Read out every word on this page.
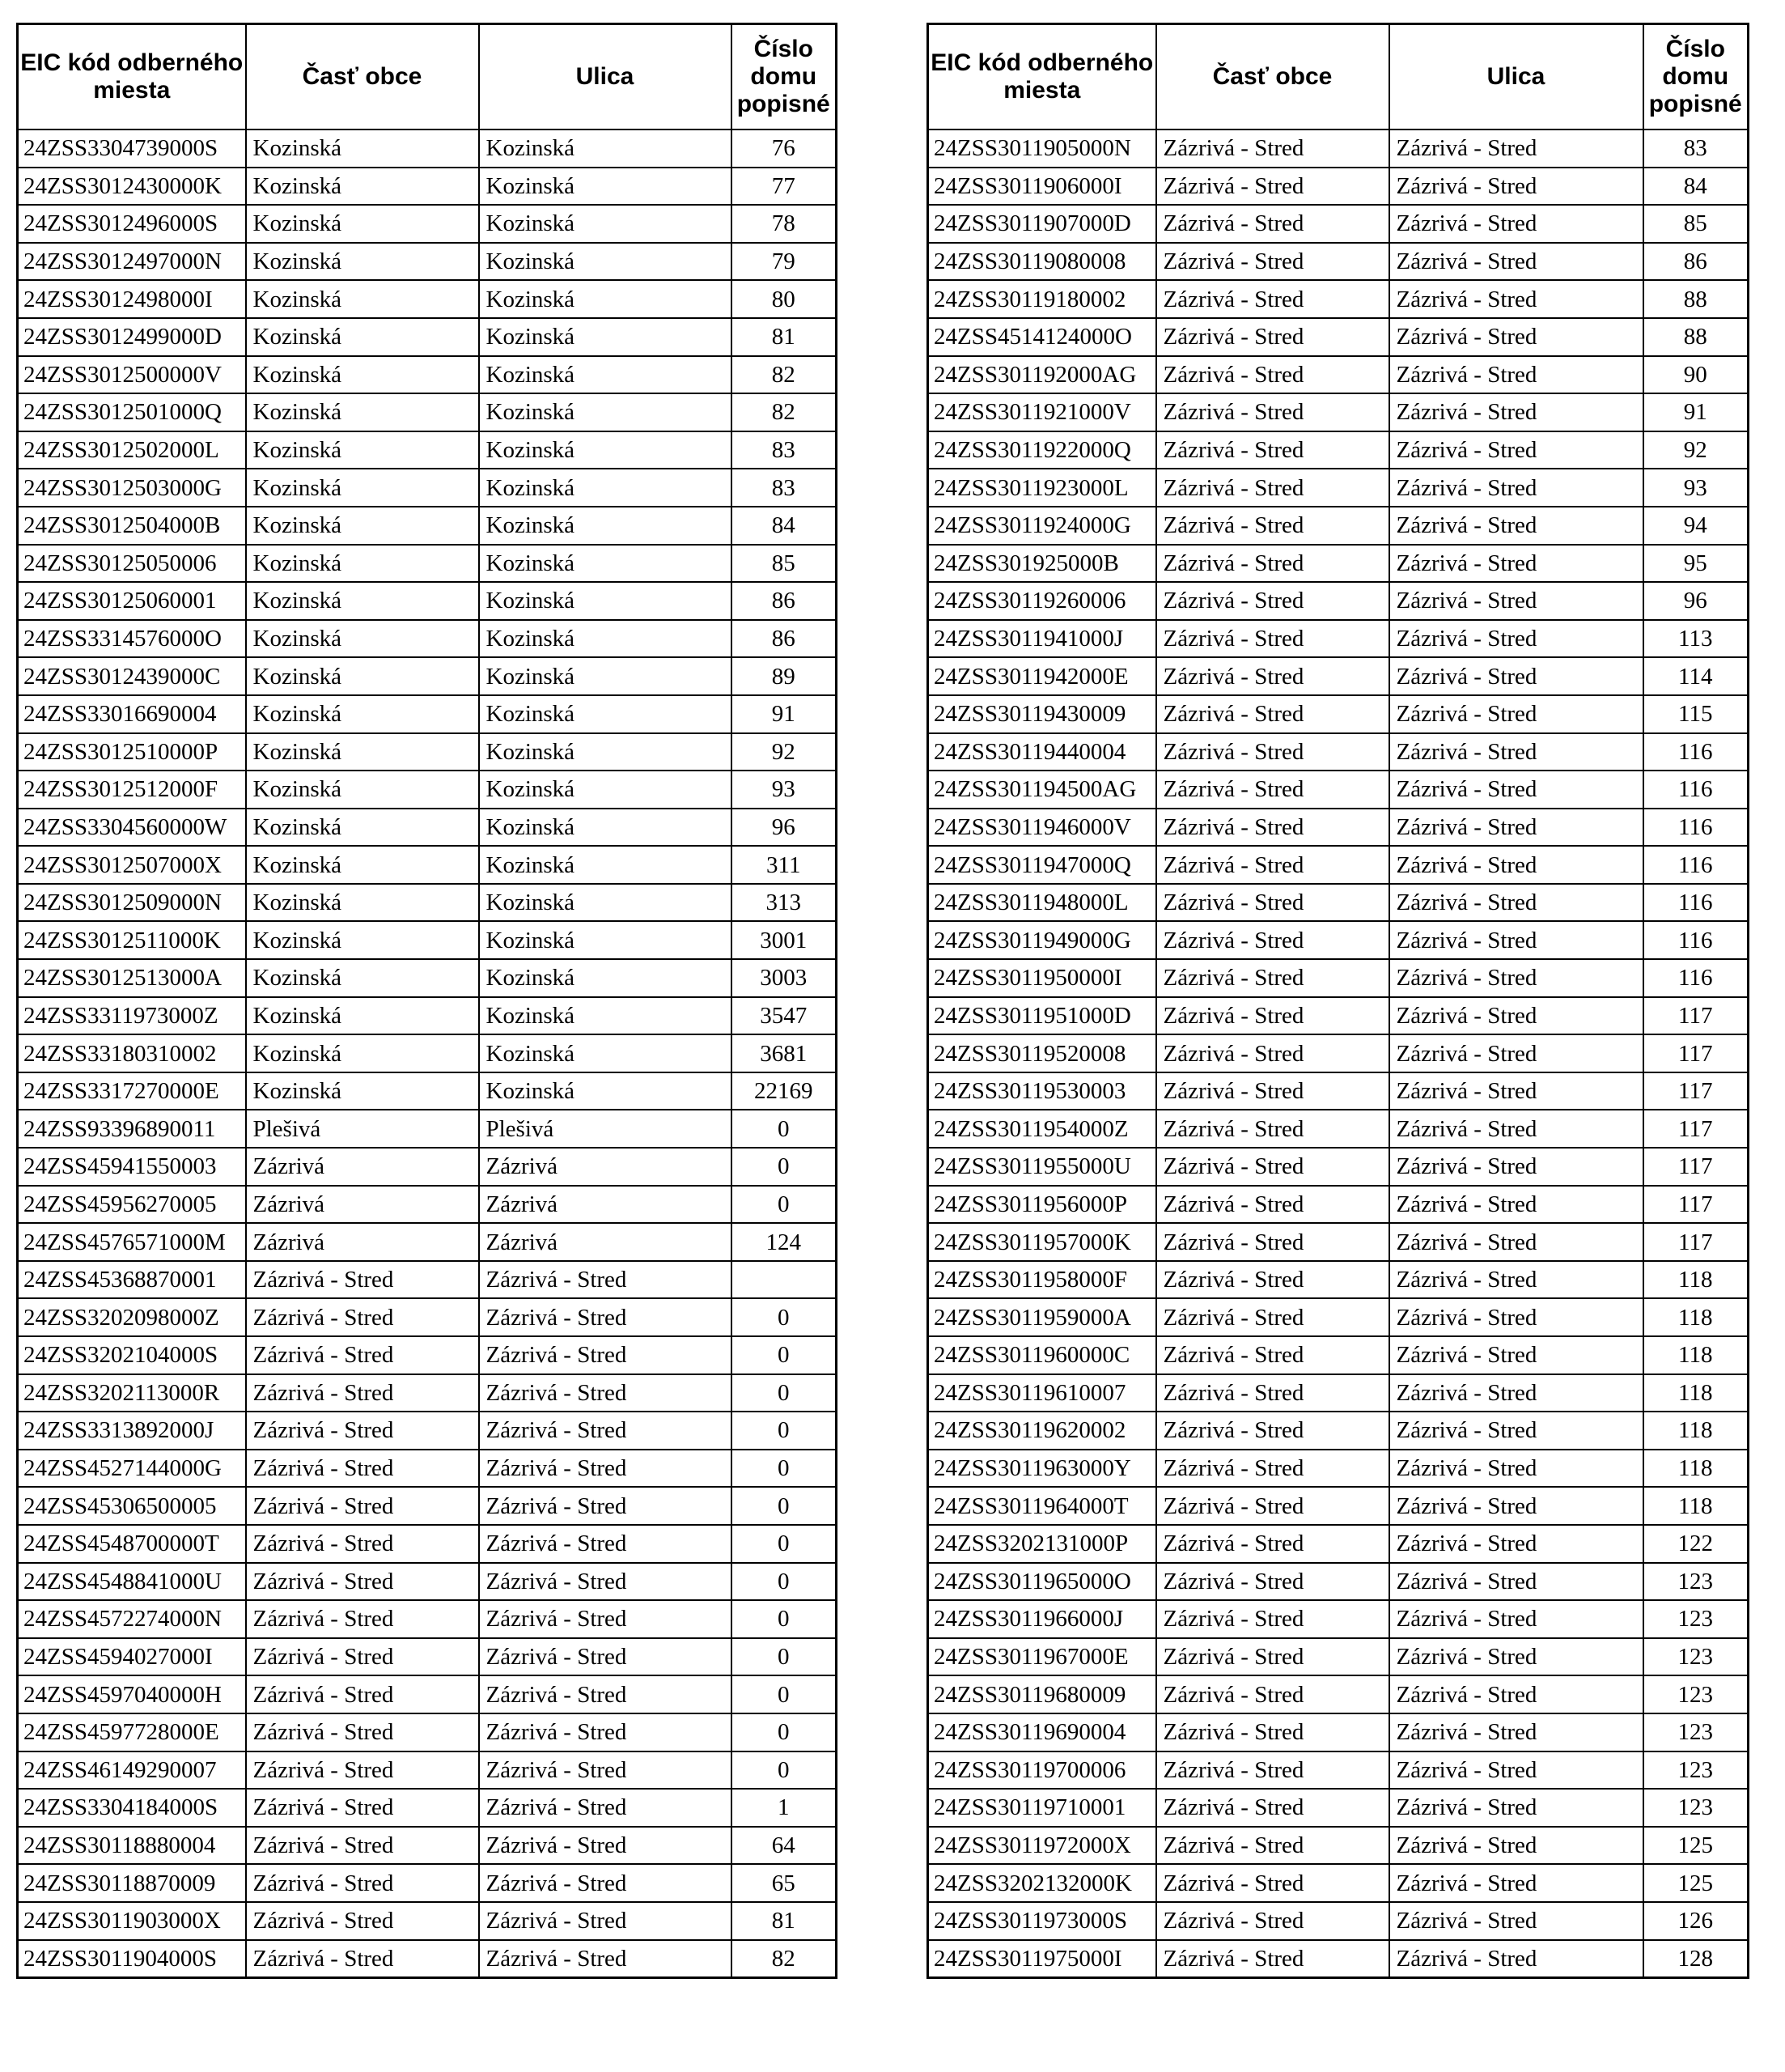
EIC kód odberného miesta	Časť obce	Ulica	Číslo domu popisné
24ZSS3304739000S	Kozinská	Kozinská	76
24ZSS3012430000K	Kozinská	Kozinská	77
24ZSS3012496000S	Kozinská	Kozinská	78
24ZSS3012497000N	Kozinská	Kozinská	79
24ZSS3012498000I	Kozinská	Kozinská	80
24ZSS3012499000D	Kozinská	Kozinská	81
24ZSS3012500000V	Kozinská	Kozinská	82
24ZSS3012501000Q	Kozinská	Kozinská	82
24ZSS3012502000L	Kozinská	Kozinská	83
24ZSS3012503000G	Kozinská	Kozinská	83
24ZSS3012504000B	Kozinská	Kozinská	84
24ZSS30125050006	Kozinská	Kozinská	85
24ZSS30125060001	Kozinská	Kozinská	86
24ZSS3314576000O	Kozinská	Kozinská	86
24ZSS3012439000C	Kozinská	Kozinská	89
24ZSS33016690004	Kozinská	Kozinská	91
24ZSS3012510000P	Kozinská	Kozinská	92
24ZSS3012512000F	Kozinská	Kozinská	93
24ZSS3304560000W	Kozinská	Kozinská	96
24ZSS3012507000X	Kozinská	Kozinská	311
24ZSS3012509000N	Kozinská	Kozinská	313
24ZSS3012511000K	Kozinská	Kozinská	3001
24ZSS3012513000A	Kozinská	Kozinská	3003
24ZSS3311973000Z	Kozinská	Kozinská	3547
24ZSS33180310002	Kozinská	Kozinská	3681
24ZSS3317270000E	Kozinská	Kozinská	22169
24ZSS93396890011	Plešivá	Plešivá	0
24ZSS45941550003	Zázrivá	Zázrivá	0
24ZSS45956270005	Zázrivá	Zázrivá	0
24ZSS4576571000M	Zázrivá	Zázrivá	124
24ZSS45368870001	Zázrivá - Stred	Zázrivá - Stred	
24ZSS3202098000Z	Zázrivá - Stred	Zázrivá - Stred	0
24ZSS3202104000S	Zázrivá - Stred	Zázrivá - Stred	0
24ZSS3202113000R	Zázrivá - Stred	Zázrivá - Stred	0
24ZSS3313892000J	Zázrivá - Stred	Zázrivá - Stred	0
24ZSS4527144000G	Zázrivá - Stred	Zázrivá - Stred	0
24ZSS45306500005	Zázrivá - Stred	Zázrivá - Stred	0
24ZSS4548700000T	Zázrivá - Stred	Zázrivá - Stred	0
24ZSS4548841000U	Zázrivá - Stred	Zázrivá - Stred	0
24ZSS4572274000N	Zázrivá - Stred	Zázrivá - Stred	0
24ZSS4594027000I	Zázrivá - Stred	Zázrivá - Stred	0
24ZSS4597040000H	Zázrivá - Stred	Zázrivá - Stred	0
24ZSS4597728000E	Zázrivá - Stred	Zázrivá - Stred	0
24ZSS46149290007	Zázrivá - Stred	Zázrivá - Stred	0
24ZSS3304184000S	Zázrivá - Stred	Zázrivá - Stred	1
24ZSS30118880004	Zázrivá - Stred	Zázrivá - Stred	64
24ZSS30118870009	Zázrivá - Stred	Zázrivá - Stred	65
24ZSS3011903000X	Zázrivá - Stred	Zázrivá - Stred	81
24ZSS3011904000S	Zázrivá - Stred	Zázrivá - Stred	82
EIC kód odberného miesta	Časť obce	Ulica	Číslo domu popisné
24ZSS3011905000N	Zázrivá - Stred	Zázrivá - Stred	83
24ZSS3011906000I	Zázrivá - Stred	Zázrivá - Stred	84
24ZSS3011907000D	Zázrivá - Stred	Zázrivá - Stred	85
24ZSS30119080008	Zázrivá - Stred	Zázrivá - Stred	86
24ZSS30119180002	Zázrivá - Stred	Zázrivá - Stred	88
24ZSS4514124000O	Zázrivá - Stred	Zázrivá - Stred	88
24ZSS301192000AG	Zázrivá - Stred	Zázrivá - Stred	90
24ZSS3011921000V	Zázrivá - Stred	Zázrivá - Stred	91
24ZSS3011922000Q	Zázrivá - Stred	Zázrivá - Stred	92
24ZSS3011923000L	Zázrivá - Stred	Zázrivá - Stred	93
24ZSS3011924000G	Zázrivá - Stred	Zázrivá - Stred	94
24ZSS301925000B	Zázrivá - Stred	Zázrivá - Stred	95
24ZSS30119260006	Zázrivá - Stred	Zázrivá - Stred	96
24ZSS3011941000J	Zázrivá - Stred	Zázrivá - Stred	113
24ZSS3011942000E	Zázrivá - Stred	Zázrivá - Stred	114
24ZSS30119430009	Zázrivá - Stred	Zázrivá - Stred	115
24ZSS30119440004	Zázrivá - Stred	Zázrivá - Stred	116
24ZSS301194500AG	Zázrivá - Stred	Zázrivá - Stred	116
24ZSS3011946000V	Zázrivá - Stred	Zázrivá - Stred	116
24ZSS3011947000Q	Zázrivá - Stred	Zázrivá - Stred	116
24ZSS3011948000L	Zázrivá - Stred	Zázrivá - Stred	116
24ZSS3011949000G	Zázrivá - Stred	Zázrivá - Stred	116
24ZSS3011950000I	Zázrivá - Stred	Zázrivá - Stred	116
24ZSS3011951000D	Zázrivá - Stred	Zázrivá - Stred	117
24ZSS30119520008	Zázrivá - Stred	Zázrivá - Stred	117
24ZSS30119530003	Zázrivá - Stred	Zázrivá - Stred	117
24ZSS3011954000Z	Zázrivá - Stred	Zázrivá - Stred	117
24ZSS3011955000U	Zázrivá - Stred	Zázrivá - Stred	117
24ZSS3011956000P	Zázrivá - Stred	Zázrivá - Stred	117
24ZSS3011957000K	Zázrivá - Stred	Zázrivá - Stred	117
24ZSS3011958000F	Zázrivá - Stred	Zázrivá - Stred	118
24ZSS3011959000A	Zázrivá - Stred	Zázrivá - Stred	118
24ZSS3011960000C	Zázrivá - Stred	Zázrivá - Stred	118
24ZSS30119610007	Zázrivá - Stred	Zázrivá - Stred	118
24ZSS30119620002	Zázrivá - Stred	Zázrivá - Stred	118
24ZSS3011963000Y	Zázrivá - Stred	Zázrivá - Stred	118
24ZSS3011964000T	Zázrivá - Stred	Zázrivá - Stred	118
24ZSS3202131000P	Zázrivá - Stred	Zázrivá - Stred	122
24ZSS3011965000O	Zázrivá - Stred	Zázrivá - Stred	123
24ZSS3011966000J	Zázrivá - Stred	Zázrivá - Stred	123
24ZSS3011967000E	Zázrivá - Stred	Zázrivá - Stred	123
24ZSS30119680009	Zázrivá - Stred	Zázrivá - Stred	123
24ZSS30119690004	Zázrivá - Stred	Zázrivá - Stred	123
24ZSS30119700006	Zázrivá - Stred	Zázrivá - Stred	123
24ZSS30119710001	Zázrivá - Stred	Zázrivá - Stred	123
24ZSS3011972000X	Zázrivá - Stred	Zázrivá - Stred	125
24ZSS3202132000K	Zázrivá - Stred	Zázrivá - Stred	125
24ZSS3011973000S	Zázrivá - Stred	Zázrivá - Stred	126
24ZSS3011975000I	Zázrivá - Stred	Zázrivá - Stred	128
